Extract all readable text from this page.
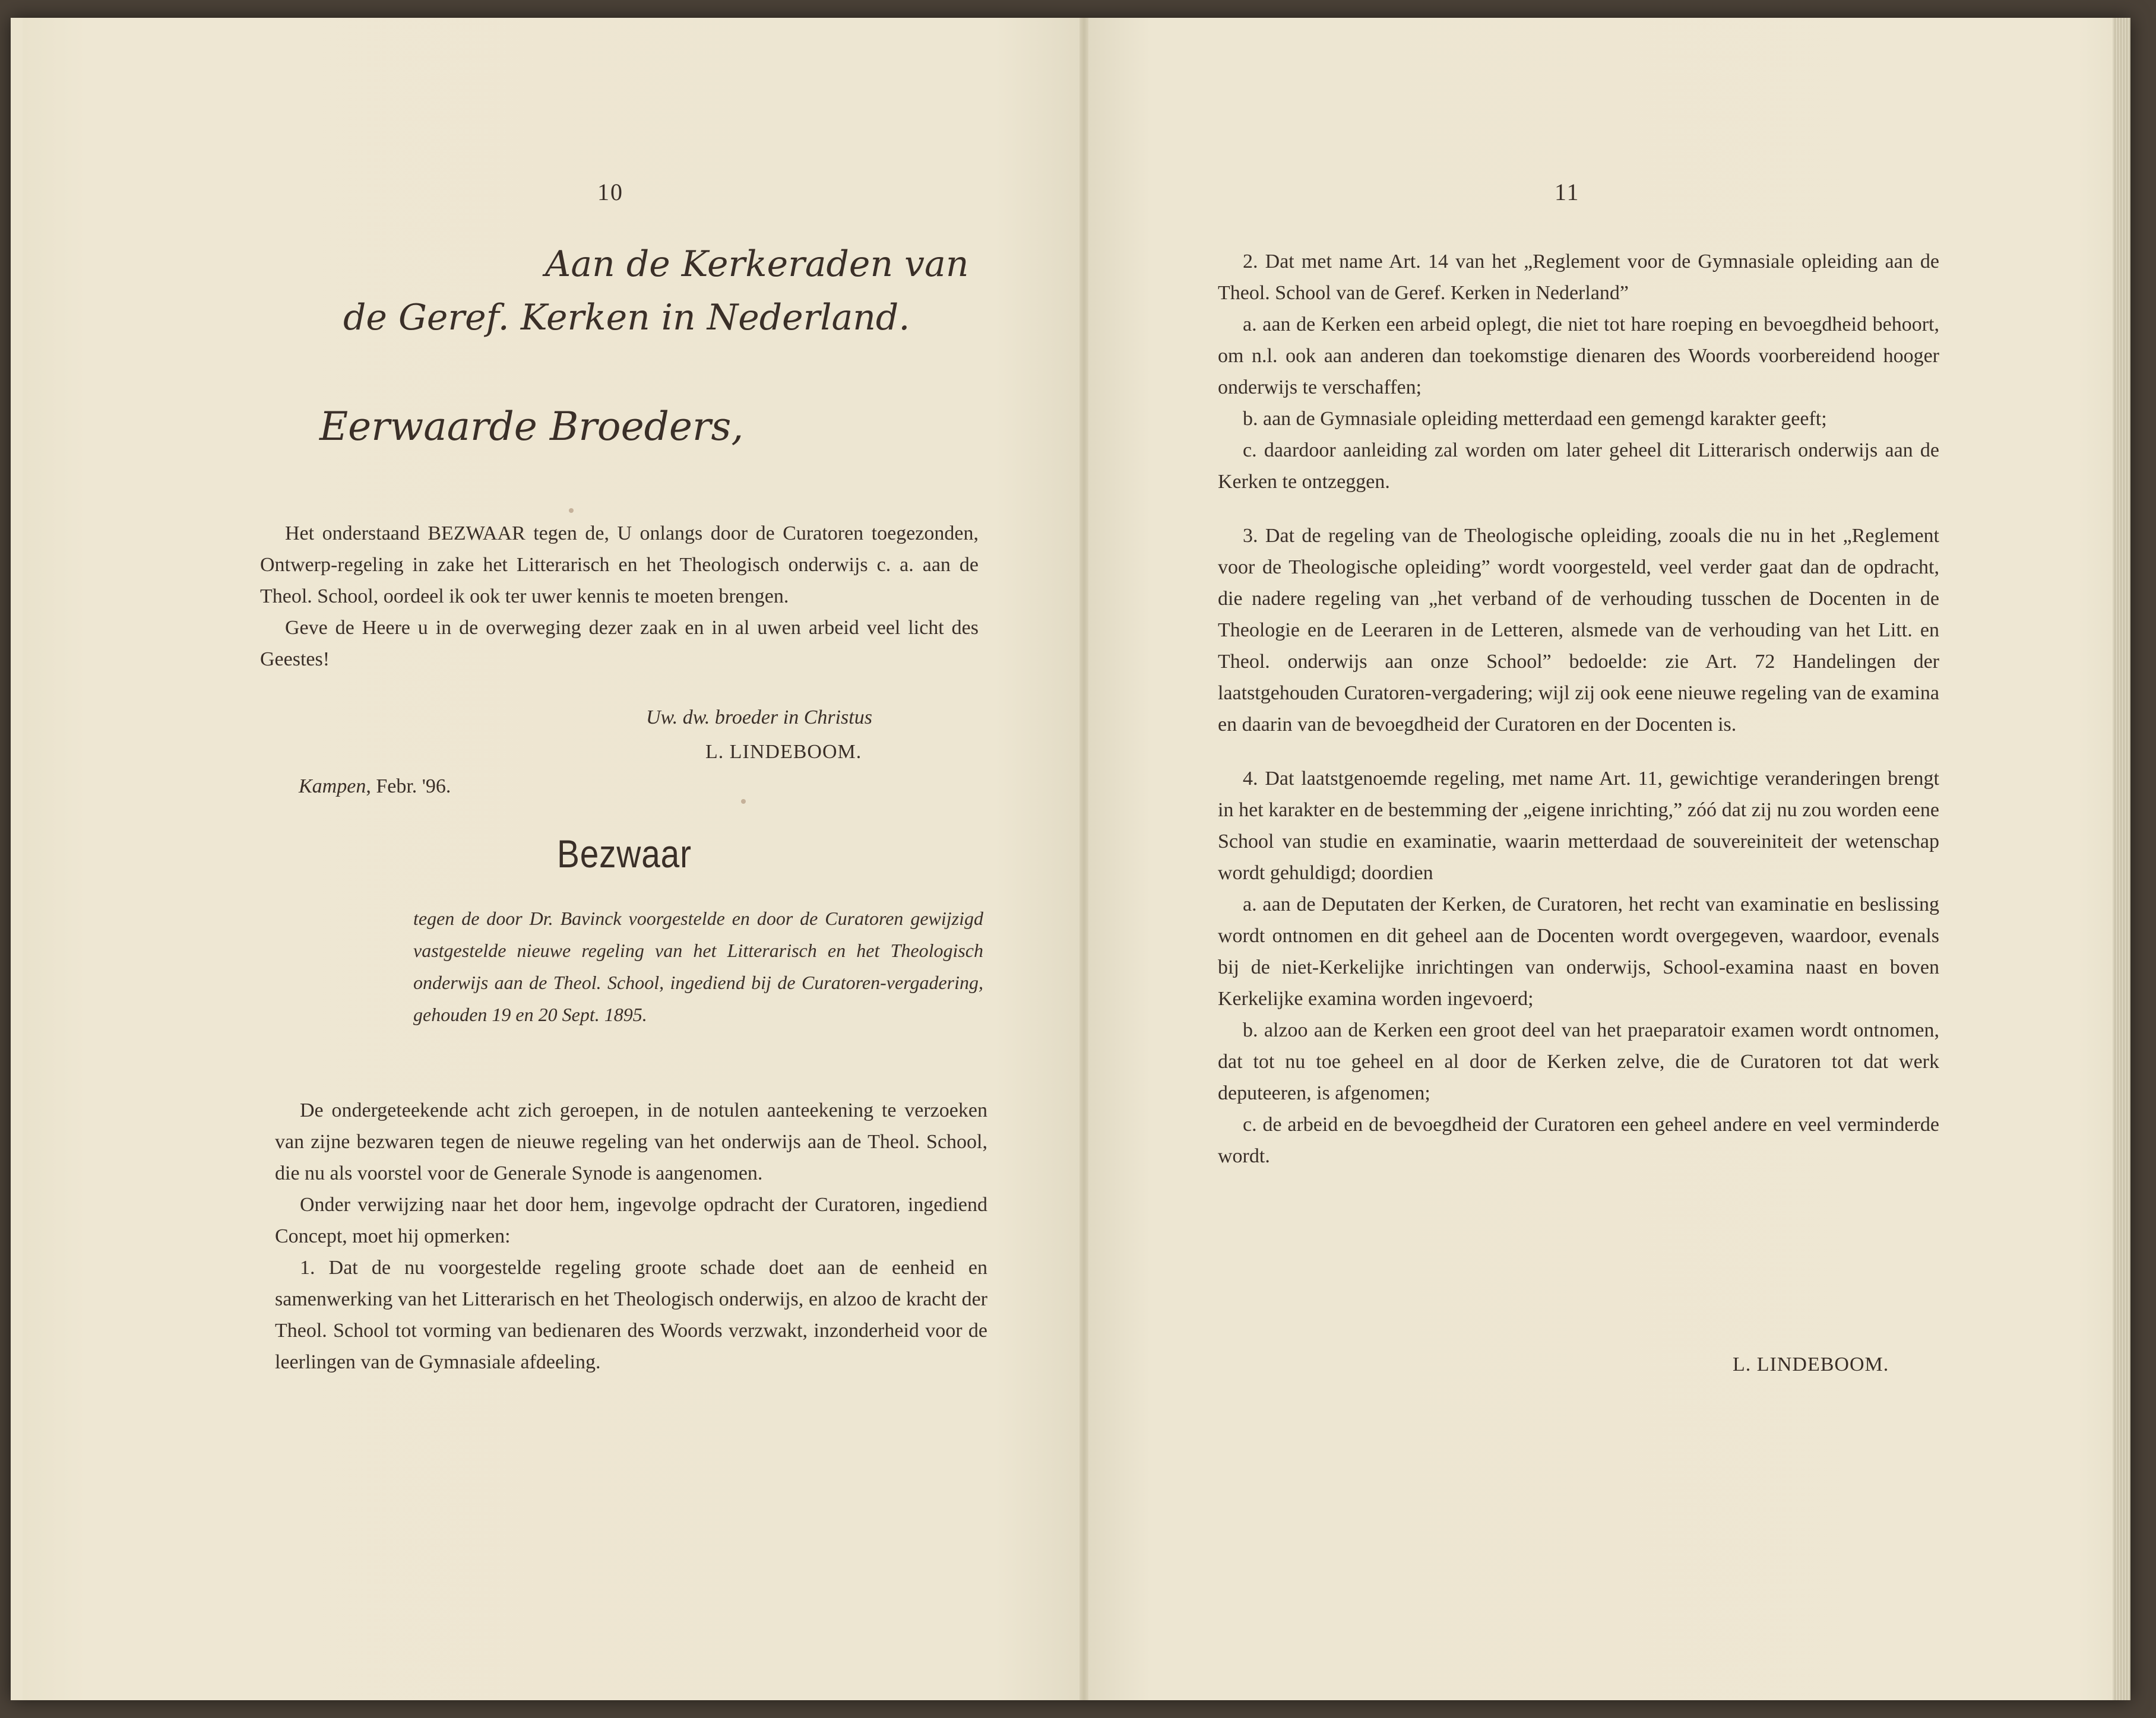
10
Aan de Kerkeraden van
de Geref. Kerken in Nederland.
Eerwaarde Broeders,

Het onderstaand BEZWAAR tegen de, U onlangs door de Curatoren toegezonden, Ontwerp-regeling in zake het Litterarisch en het Theologisch onderwijs c. a. aan de Theol. School, oordeel ik ook ter uwer kennis te moeten brengen.

Geve de Heere u in de overweging dezer zaak en in al uwen arbeid veel licht des Geestes!

Uw. dw. broeder in Christus
L. LINDEBOOM.
Kampen, Febr. '96.
Bezwaar
tegen de door Dr. Bavinck voorgestelde en door de Curatoren gewijzigd vastgestelde nieuwe regeling van het Litterarisch en het Theologisch onderwijs aan de Theol. School, ingediend bij de Curatoren-vergadering, gehouden 19 en 20 Sept. 1895.

De ondergeteekende acht zich geroepen, in de notulen aanteekening te verzoeken van zijne bezwaren tegen de nieuwe regeling van het onderwijs aan de Theol. School, die nu als voorstel voor de Generale Synode is aangenomen.

Onder verwijzing naar het door hem, ingevolge opdracht der Curatoren, ingediend Concept, moet hij opmerken:

1. Dat de nu voorgestelde regeling groote schade doet aan de eenheid en samenwerking van het Litterarisch en het Theologisch onderwijs, en alzoo de kracht der Theol. School tot vorming van bedienaren des Woords verzwakt, inzonderheid voor de leerlingen van de Gymnasiale afdeeling.

11

2. Dat met name Art. 14 van het „Reglement voor de Gymnasiale opleiding aan de Theol. School van de Geref. Kerken in Nederland”

a. aan de Kerken een arbeid oplegt, die niet tot hare roeping en bevoegdheid behoort, om n.l. ook aan anderen dan toekomstige dienaren des Woords voorbereidend hooger onderwijs te verschaffen;

b. aan de Gymnasiale opleiding metterdaad een gemengd karakter geeft;

c. daardoor aanleiding zal worden om later geheel dit Litterarisch onderwijs aan de Kerken te ontzeggen.

3. Dat de regeling van de Theologische opleiding, zooals die nu in het „Reglement voor de Theologische opleiding” wordt voorgesteld, veel verder gaat dan de opdracht, die nadere regeling van „het verband of de verhouding tusschen de Docenten in de Theologie en de Leeraren in de Letteren, alsmede van de verhouding van het Litt. en Theol. onderwijs aan onze School” bedoelde: zie Art. 72 Handelingen der laatstgehouden Curatoren-vergadering; wijl zij ook eene nieuwe regeling van de examina en daarin van de bevoegdheid der Curatoren en der Docenten is.

4. Dat laatstgenoemde regeling, met name Art. 11, gewichtige veranderingen brengt in het karakter en de bestemming der „eigene inrichting,” zóó dat zij nu zou worden eene School van studie en examinatie, waarin metterdaad de souvereiniteit der wetenschap wordt gehuldigd; doordien

a. aan de Deputaten der Kerken, de Curatoren, het recht van examinatie en beslissing wordt ontnomen en dit geheel aan de Docenten wordt overgegeven, waardoor, evenals bij de niet-Kerkelijke inrichtingen van onderwijs, School-examina naast en boven Kerkelijke examina worden ingevoerd;

b. alzoo aan de Kerken een groot deel van het praeparatoir examen wordt ontnomen, dat tot nu toe geheel en al door de Kerken zelve, die de Curatoren tot dat werk deputeeren, is afgenomen;

c. de arbeid en de bevoegdheid der Curatoren een geheel andere en veel verminderde wordt.

L. LINDEBOOM.
